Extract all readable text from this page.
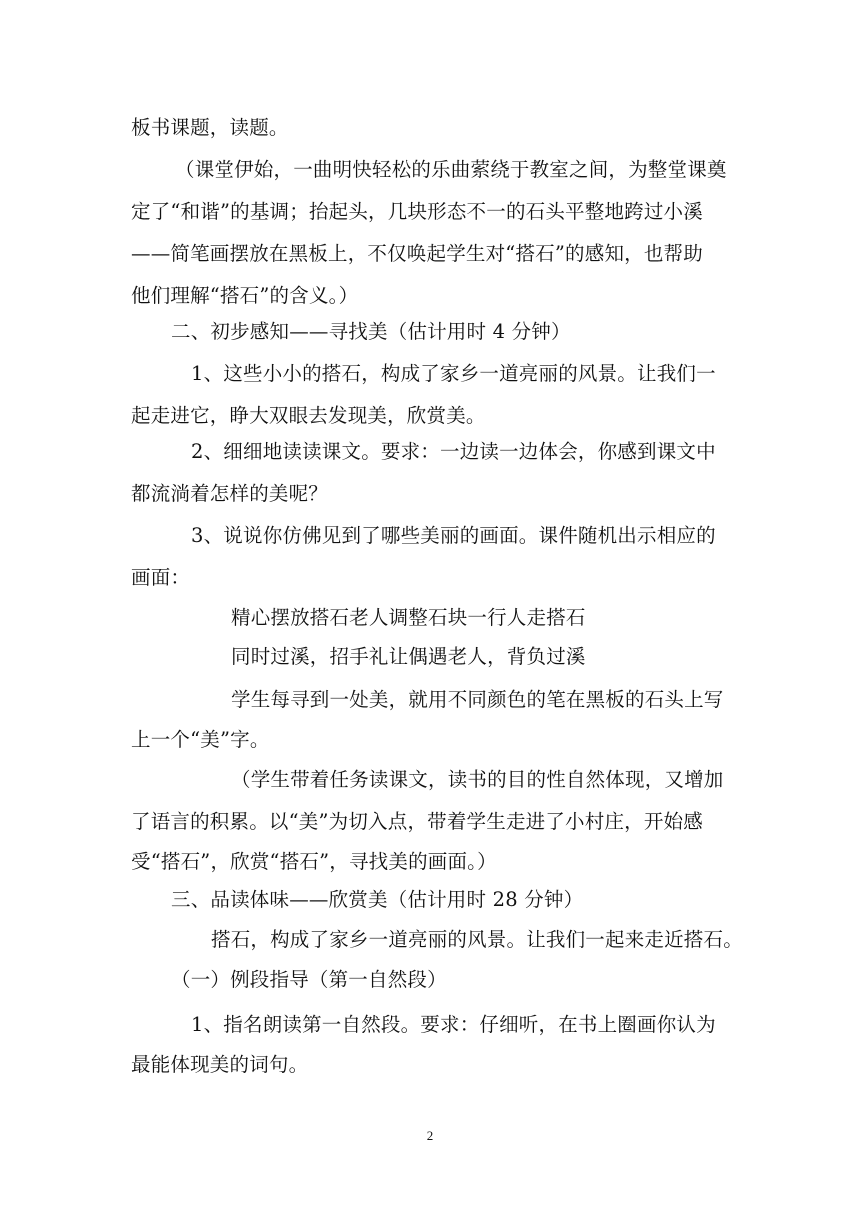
板书课题，读题。
（课堂伊始，一曲明快轻松的乐曲萦绕于教室之间，为整堂课奠
定了“和谐”的基调；抬起头，几块形态不一的石头平整地跨过小溪
——简笔画摆放在黑板上，不仅唤起学生对“搭石”的感知，也帮助
他们理解“搭石”的含义。）
二、初步感知——寻找美（估计用时 4 分钟）
1、这些小小的搭石，构成了家乡一道亮丽的风景。让我们一
起走进它，睁大双眼去发现美，欣赏美。
2、细细地读读课文。要求：一边读一边体会，你感到课文中
都流淌着怎样的美呢？
3、说说你仿佛见到了哪些美丽的画面。课件随机出示相应的
画面：
精心摆放搭石老人调整石块一行人走搭石
同时过溪，招手礼让偶遇老人，背负过溪
学生每寻到一处美，就用不同颜色的笔在黑板的石头上写
上一个“美”字。
（学生带着任务读课文，读书的目的性自然体现，又增加
了语言的积累。以“美”为切入点，带着学生走进了小村庄，开始感
受“搭石”，欣赏“搭石”，寻找美的画面。）
三、品读体味——欣赏美（估计用时 28 分钟）
搭石，构成了家乡一道亮丽的风景。让我们一起来走近搭石。
（一）例段指导（第一自然段）
1、指名朗读第一自然段。要求：仔细听，在书上圈画你认为
最能体现美的词句。
2
